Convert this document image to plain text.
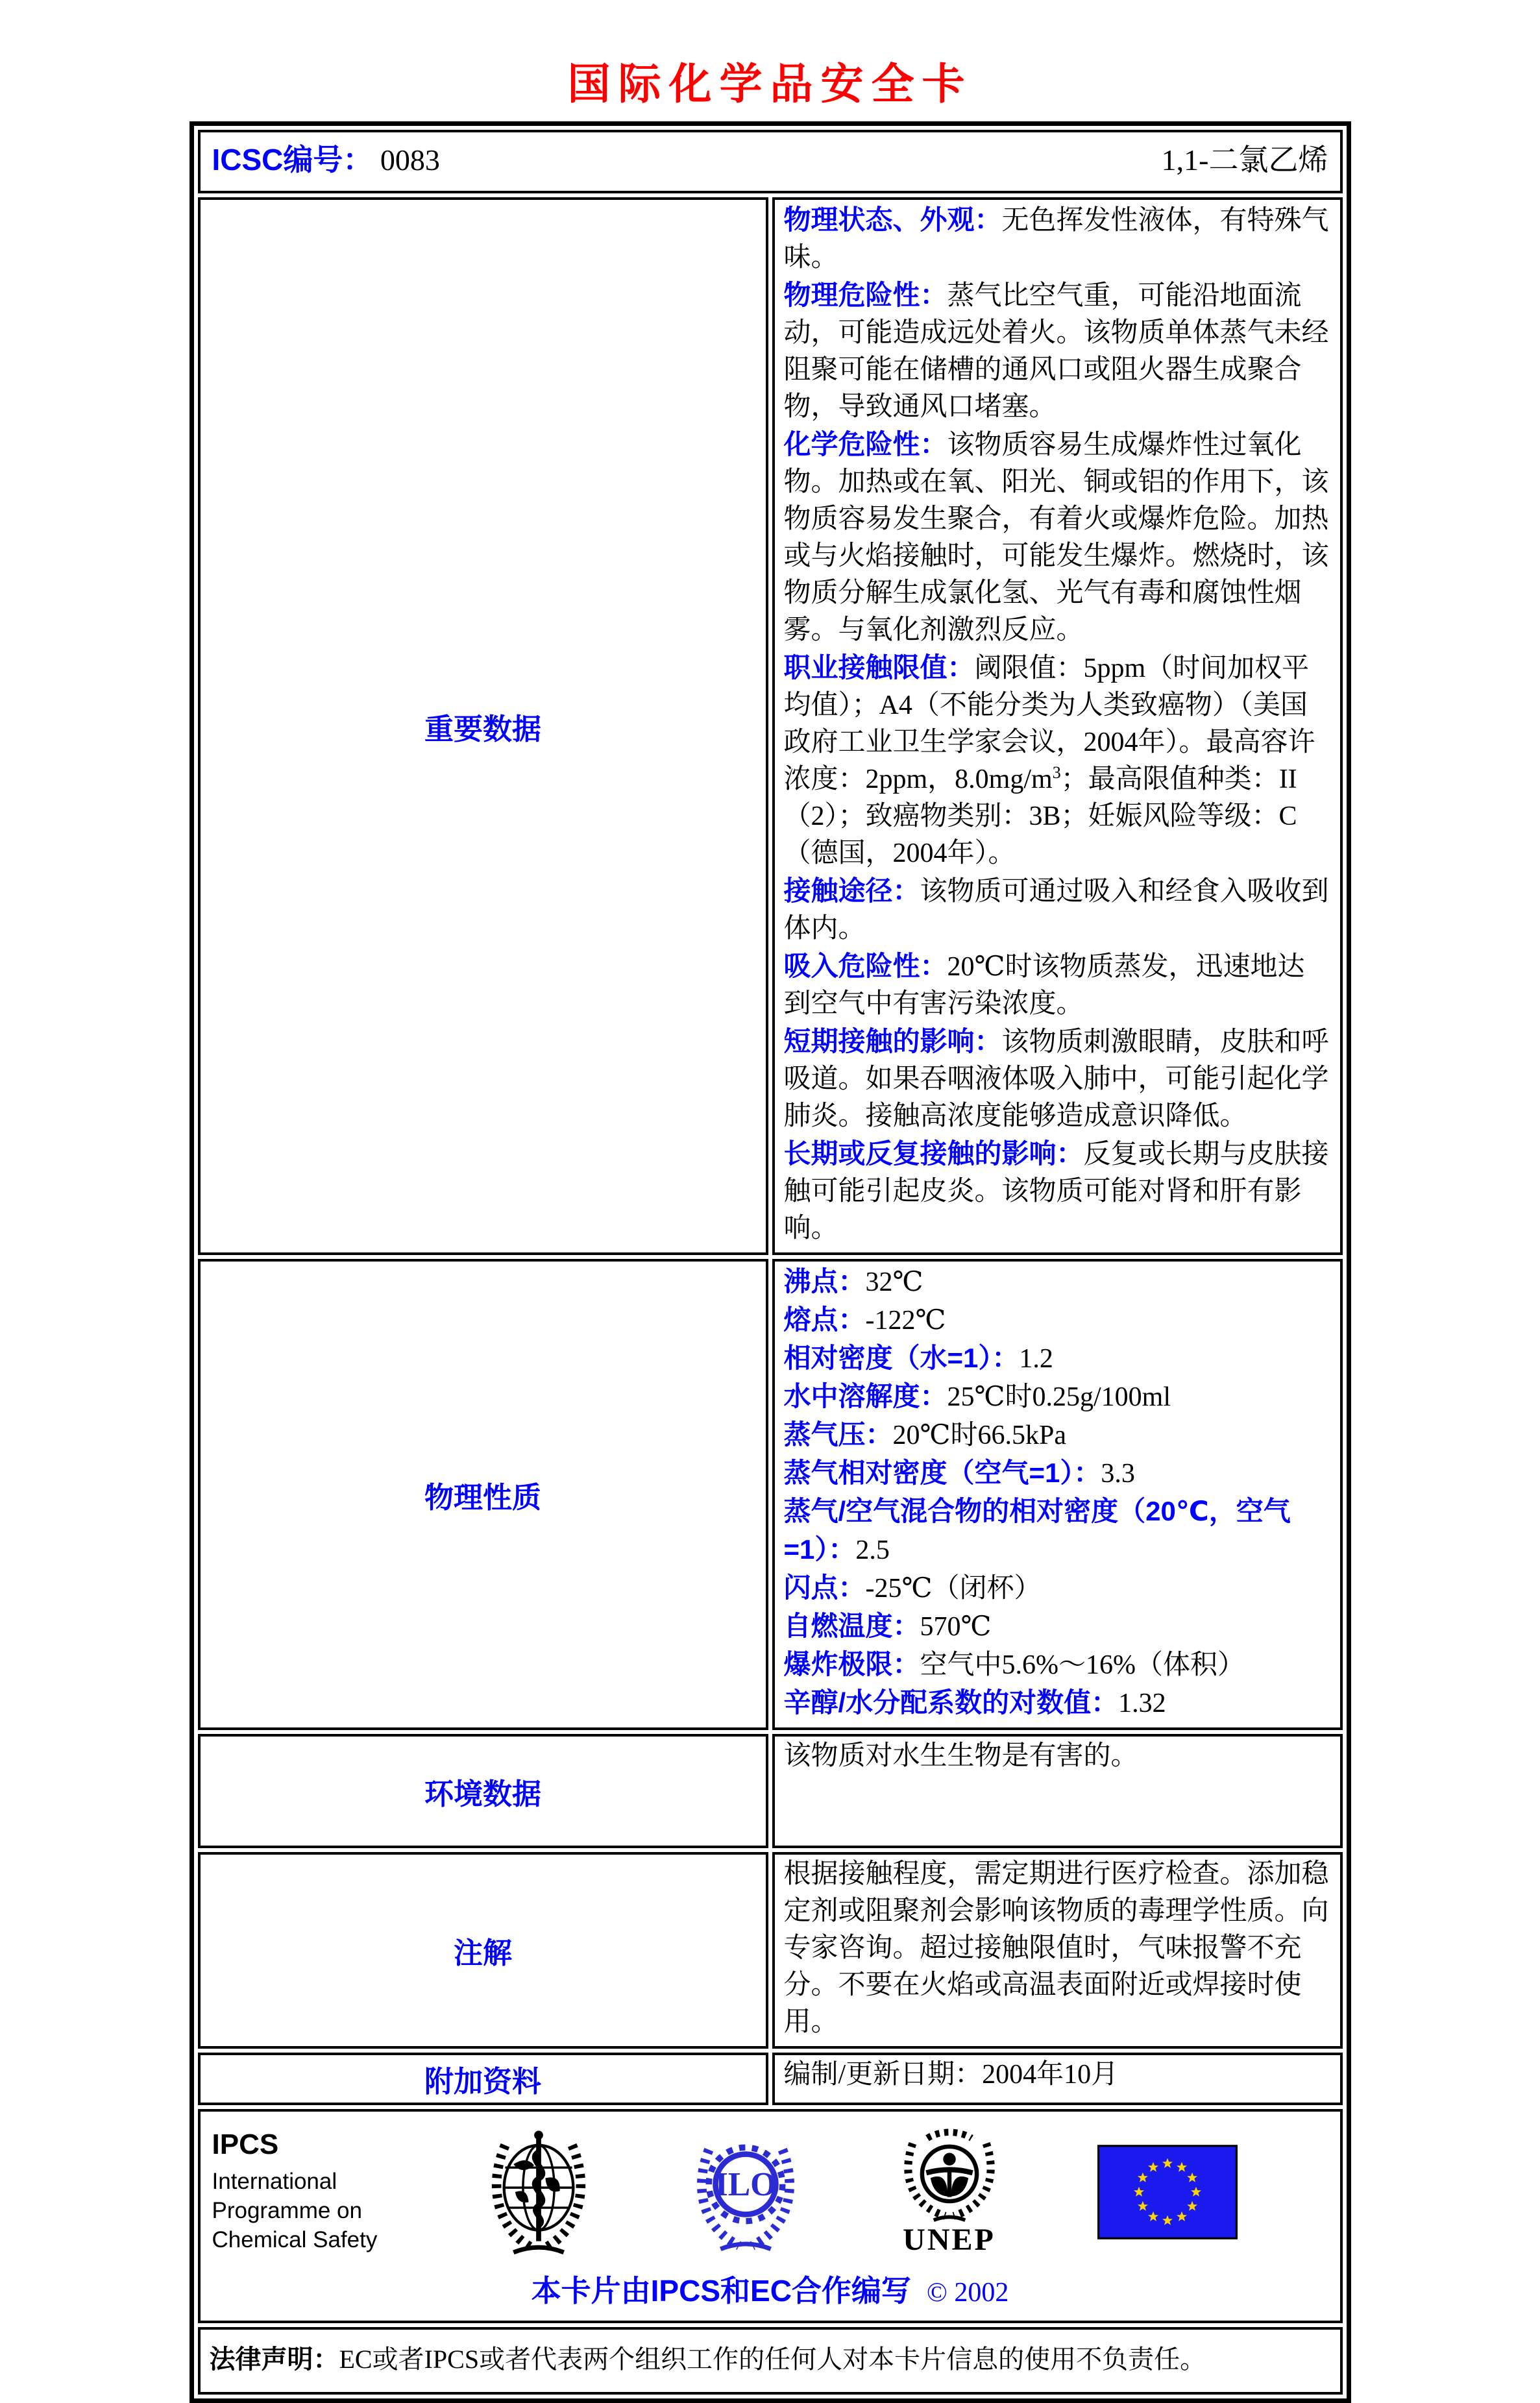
国际化学品安全卡
ICSC编号： 0083 1,1-二氯乙烯	

重要数据	
物理状态、外观：无色挥发性液体，有特殊气味。
物理危险性：蒸气比空气重，可能沿地面流动，可能造成远处着火。该物质单体蒸气未经阻聚可能在储槽的通风口或阻火器生成聚合物，导致通风口堵塞。
化学危险性：该物质容易生成爆炸性过氧化物。加热或在氧、阳光、铜或铝的作用下，该物质容易发生聚合，有着火或爆炸危险。加热或与火焰接触时，可能发生爆炸。燃烧时，该物质分解生成氯化氢、光气有毒和腐蚀性烟雾。与氧化剂激烈反应。
职业接触限值：阈限值：5ppm（时间加权平均值）；A4（不能分类为人类致癌物）（美国政府工业卫生学家会议，2004年）。最高容许浓度：2ppm，$8.0mg/m^3$；最高限值种类：II（2）；致癌物类别：3B；妊娠风险等级：C（德国，2004年）。
接触途径：该物质可通过吸入和经食入吸收到体内。
吸入危险性：20℃时该物质蒸发，迅速地达到空气中有害污染浓度。
短期接触的影响：该物质刺激眼睛，皮肤和呼吸道。如果吞咽液体吸入肺中，可能引起化学肺炎。接触高浓度能够造成意识降低。
长期或反复接触的影响：反复或长期与皮肤接触可能引起皮炎。该物质可能对肾和肝有影响。

物理性质	
沸点：32℃
熔点：-122℃
相对密度（水=1）：1.2
水中溶解度：25℃时0.25g/100ml
蒸气压：20℃时66.5kPa
蒸气相对密度（空气=1）：3.3
蒸气/空气混合物的相对密度（20℃，空气=1）：2.5
闪点：-25℃（闭杯）
自燃温度：570℃
爆炸极限：空气中5.6%～16%（体积）
辛醇/水分配系数的对数值：1.32

环境数据	该物质对水生生物是有害的。
注解	根据接触程度，需定期进行医疗检查。添加稳定剂或阻聚剂会影响该物质的毒理学性质。向专家咨询。超过接触限值时，气味报警不充分。不要在火焰或高温表面附近或焊接时使用。
附加资料	编制/更新日期：2004年10月

IPCS
International
Programme on
Chemical Safety
ILO
UNEP
本卡片由IPCS和EC合作编写 © 2002

法律声明：EC或者IPCS或者代表两个组织工作的任何人对本卡片信息的使用不负责任。	
